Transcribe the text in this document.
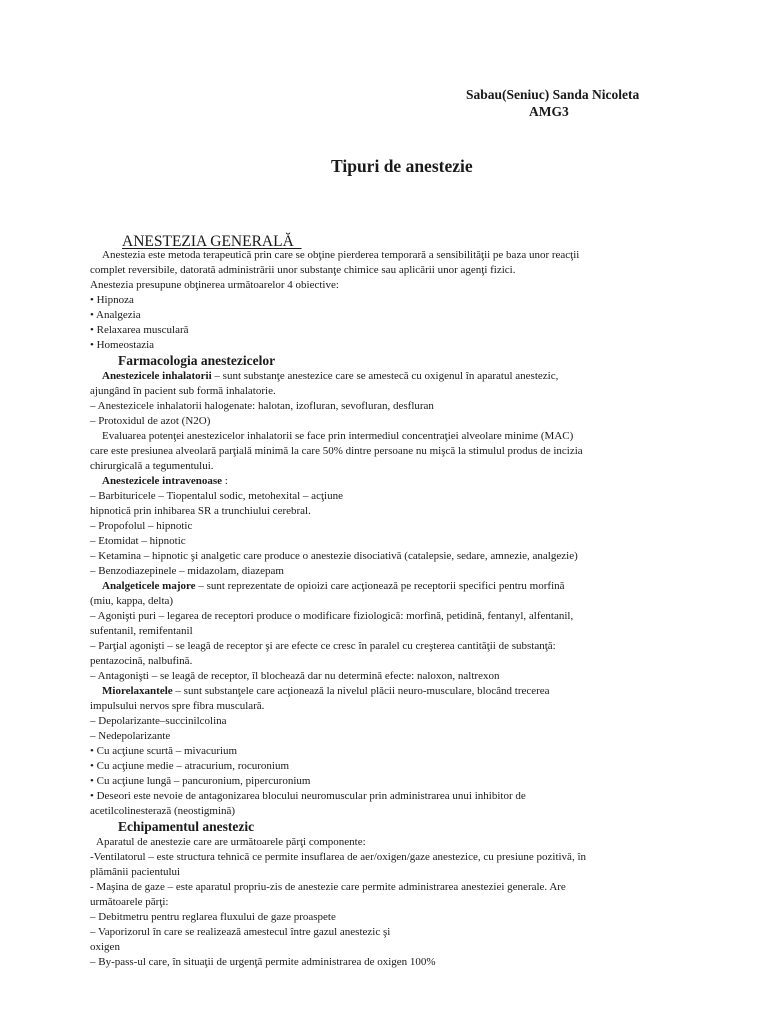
Sabau(Seniuc) Sanda Nicoleta
AMG3
Tipuri de anestezie
ANESTEZIA GENERALĂ
Anestezia este metoda terapeutică prin care se obţine pierderea temporară a sensibilităţii pe baza unor reacţii
complet reversibile, datorată administrării unor substanţe chimice sau aplicării unor agenţi fizici.
Anestezia presupune obţinerea următoarelor 4 obiective:
• Hipnoza
• Analgezia
• Relaxarea musculară
• Homeostazia
Farmacologia anestezicelor
Anestezicele inhalatorii – sunt substanţe anestezice care se amestecă cu oxigenul în aparatul anestezic,
ajungând în pacient sub formă inhalatorie.
– Anestezicele inhalatorii halogenate: halotan, izofluran, sevofluran, desfluran
– Protoxidul de azot (N2O)
Evaluarea potenţei anestezicelor inhalatorii se face prin intermediul concentraţiei alveolare minime (MAC)
care este presiunea alveolară parţială minimă la care 50% dintre persoane nu mişcă la stimulul produs de incizia
chirurgicală a tegumentului.
Anestezicele intravenoase :
– Barbituricele – Tiopentalul sodic, metohexital – acţiune
hipnotică prin inhibarea SR a trunchiului cerebral.
– Propofolul – hipnotic
– Etomidat – hipnotic
– Ketamina – hipnotic şi analgetic care produce o anestezie disociativă (catalepsie, sedare, amnezie, analgezie)
– Benzodiazepinele – midazolam, diazepam
Analgeticele majore – sunt reprezentate de opioizi care acţionează pe receptorii specifici pentru morfină
(miu, kappa, delta)
– Agonişti puri – legarea de receptori produce o modificare fiziologică: morfină, petidină, fentanyl, alfentanil,
sufentanil, remifentanil
– Parţial agonişti – se leagă de receptor şi are efecte ce cresc în paralel cu creşterea cantităţii de substanţă:
pentazocină, nalbufină.
– Antagonişti – se leagă de receptor, îl blochează dar nu determină efecte: naloxon, naltrexon
Miorelaxantele – sunt substanţele care acţionează la nivelul plăcii neuro-musculare, blocând trecerea
impulsului nervos spre fibra musculară.
– Depolarizante–succinilcolina
– Nedepolarizante
• Cu acţiune scurtă – mivacurium
• Cu acţiune medie – atracurium, rocuronium
• Cu acţiune lungă – pancuronium, pipercuronium
• Deseori este nevoie de antagonizarea blocului neuromuscular prin administrarea unui inhibitor de
acetilcolinesterază (neostigmină)
Echipamentul anestezic
Aparatul de anestezie care are următoarele părţi componente:
-Ventilatorul – este structura tehnică ce permite insuflarea de aer/oxigen/gaze anestezice, cu presiune pozitivă, în
plămânii pacientului
- Maşina de gaze – este aparatul propriu-zis de anestezie care permite administrarea anesteziei generale. Are
următoarele părţi:
– Debitmetru pentru reglarea fluxului de gaze proaspete
– Vaporizorul în care se realizează amestecul între gazul anestezic şi
oxigen
– By-pass-ul care, în situaţii de urgenţă permite administrarea de oxigen 100%
